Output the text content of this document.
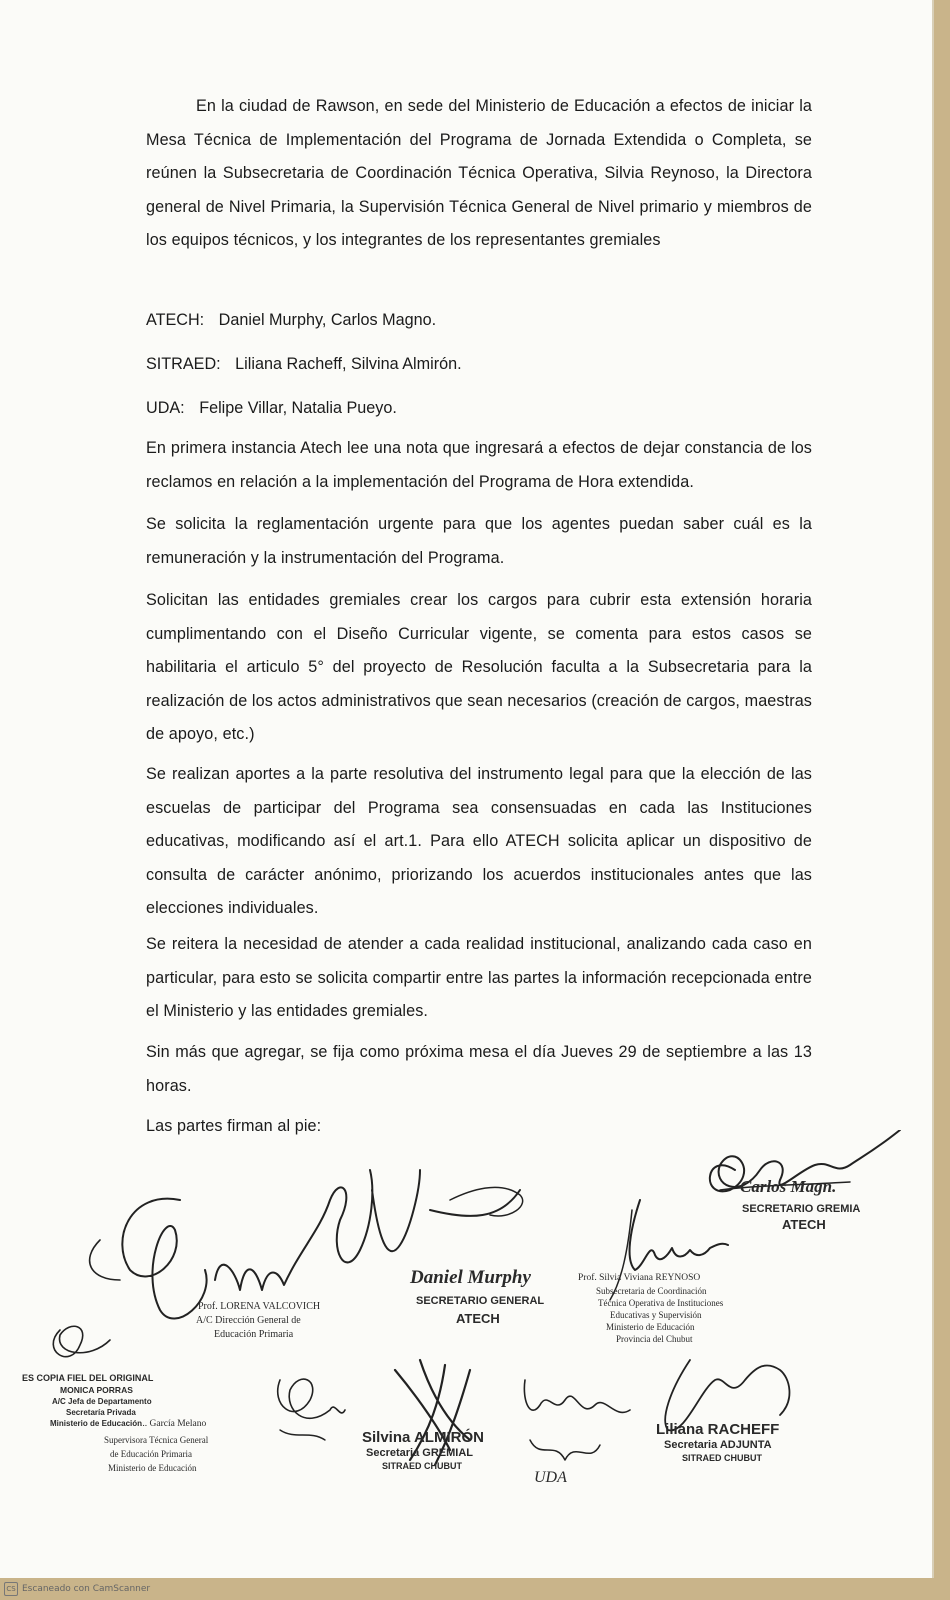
En la ciudad de Rawson, en sede del Ministerio de Educación a efectos de iniciar la Mesa Técnica de Implementación del Programa de Jornada Extendida o Completa, se reúnen la Subsecretaria de Coordinación Técnica Operativa, Silvia Reynoso, la Directora general de Nivel Primaria, la Supervisión Técnica General de Nivel primario y miembros de los equipos técnicos, y los integrantes de los representantes gremiales

ATECH: Daniel Murphy, Carlos Magno.
SITRAED: Liliana Racheff, Silvina Almirón.
UDA: Felipe Villar, Natalia Pueyo.

En primera instancia Atech lee una nota que ingresará a efectos de dejar constancia de los reclamos en relación a la implementación del Programa de Hora extendida.

Se solicita la reglamentación urgente para que los agentes puedan saber cuál es la remuneración y la instrumentación del Programa.

Solicitan las entidades gremiales crear los cargos para cubrir esta extensión horaria cumplimentando con el Diseño Curricular vigente, se comenta para estos casos se habilitaria el articulo 5° del proyecto de Resolución faculta a la Subsecretaria para la realización de los actos administrativos que sean necesarios (creación de cargos, maestras de apoyo, etc.)

Se realizan aportes a la parte resolutiva del instrumento legal para que la elección de las escuelas de participar del Programa sea consensuadas en cada las Instituciones educativas, modificando así el art.1. Para ello ATECH solicita aplicar un dispositivo de consulta de carácter anónimo, priorizando los acuerdos institucionales antes que las elecciones individuales.

Se reitera la necesidad de atender a cada realidad institucional, analizando cada caso en particular, para esto se solicita compartir entre las partes la información recepcionada entre el Ministerio y las entidades gremiales.

Sin más que agregar, se fija como próxima mesa el día Jueves 29 de septiembre a las 13 horas.

Las partes firman al pie:

Carlos Magn.
SECRETARIO GREMIA
ATECH
Daniel Murphy
SECRETARIO GENERAL
ATECH
Prof. LORENA VALCOVICH
A/C Dirección General de
Educación Primaria
Prof. Silvia Viviana REYNOSO
Subsecretaria de Coordinación
Técnica Operativa de Instituciones
Educativas y Supervisión
Ministerio de Educación
Provincia del Chubut
ES COPIA FIEL DEL ORIGINAL
MONICA PORRAS
A/C Jefa de Departamento
Secretaría Privada
Ministerio de Educación
... García Melano
Supervisora Técnica General
de Educación Primaria
Ministerio de Educación
Silvina ALMIRÓN
Secretaria GREMIAL
SITRAED CHUBUT
UDA
Liliana RACHEFF
Secretaria ADJUNTA
SITRAED CHUBUT
CS Escaneado con CamScanner
